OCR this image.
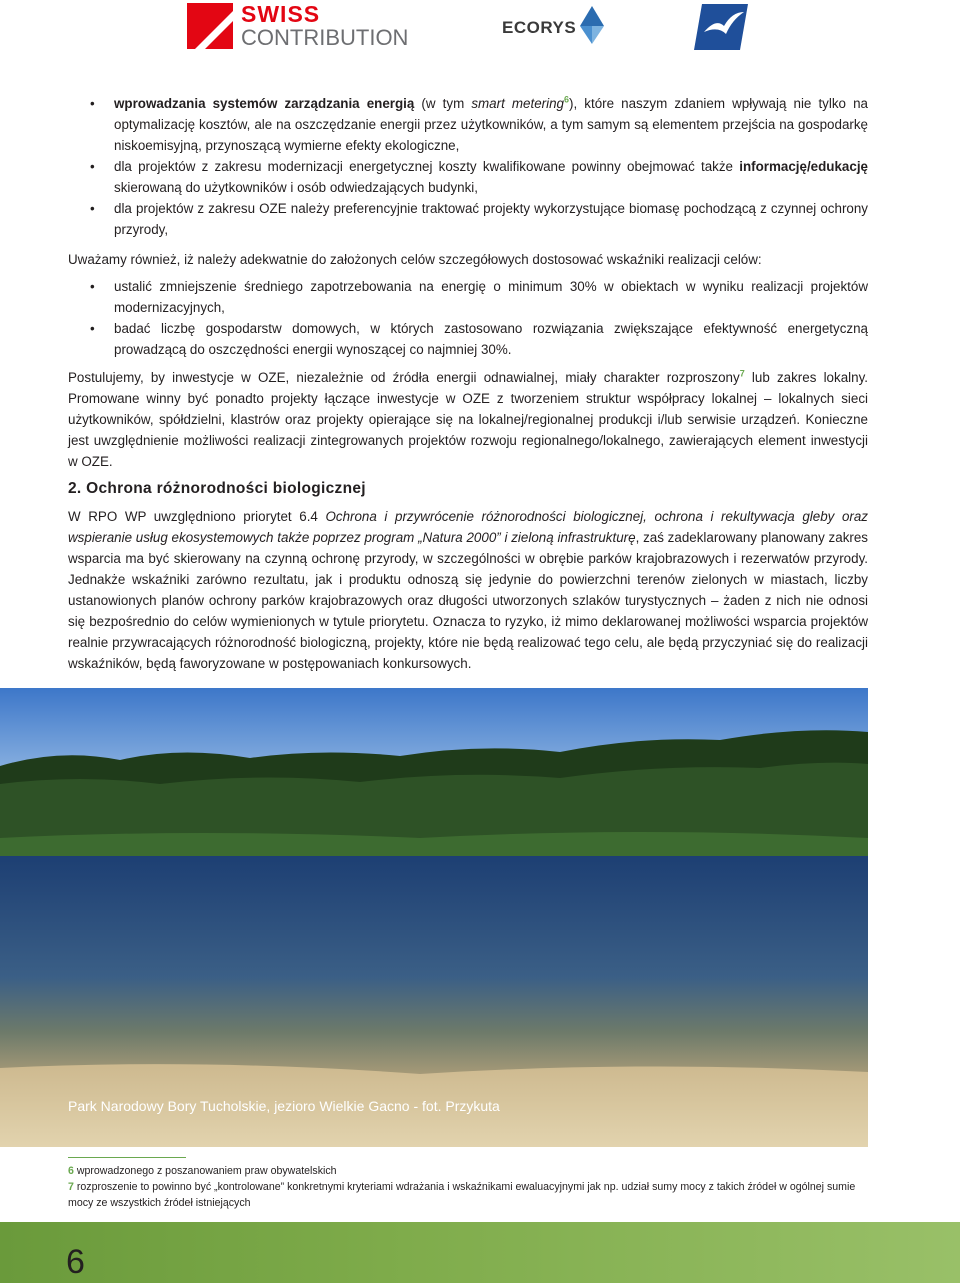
SWISS
CONTRIBUTION	ECORYS
• wprowadzania systemów zarządzania energią (w tym smart metering$^6$), które naszym zdaniem wpływają nie tylko na optymalizację kosztów, ale na oszczędzanie energii przez użytkowników, a tym samym są elementem przejścia na gospodarkę niskoemisyjną, przynoszącą wymierne efekty ekologiczne,
• dla projektów z zakresu modernizacji energetycznej koszty kwalifikowane powinny obejmować także informację/edukację skierowaną do użytkowników i osób odwiedzających budynki,
• dla projektów z zakresu OZE należy preferencyjnie traktować projekty wykorzystujące biomasę pochodzącą z czynnej ochrony przyrody,

Uważamy również, iż należy adekwatnie do założonych celów szczegółowych dostosować wskaźniki realizacji celów:

• ustalić zmniejszenie średniego zapotrzebowania na energię o minimum 30% w obiektach w wyniku realizacji projektów modernizacyjnych,
• badać liczbę gospodarstw domowych, w których zastosowano rozwiązania zwiększające efektywność energetyczną prowadzącą do oszczędności energii wynoszącej co najmniej 30%.

Postulujemy, by inwestycje w OZE, niezależnie od źródła energii odnawialnej, miały charakter rozproszony$^7$ lub zakres lokalny. Promowane winny być ponadto projekty łączące inwestycje w OZE z tworzeniem struktur współpracy lokalnej – lokalnych sieci użytkowników, spółdzielni, klastrów oraz projekty opierające się na lokalnej/regionalnej produkcji i/lub serwisie urządzeń. Konieczne jest uwzględnienie możliwości realizacji zintegrowanych projektów rozwoju regionalnego/lokalnego, zawierających element inwestycji w OZE.

2. Ochrona różnorodności biologicznej

W RPO WP uwzględniono priorytet 6.4 Ochrona i przywrócenie różnorodności biologicznej, ochrona i rekultywacja gleby oraz wspieranie usług ekosystemowych także poprzez program „Natura 2000” i zieloną infrastrukturę, zaś zadeklarowany planowany zakres wsparcia ma być skierowany na czynną ochronę przyrody, w szczególności w obrębie parków krajobrazowych i rezerwatów przyrody. Jednakże wskaźniki zarówno rezultatu, jak i produktu odnoszą się jedynie do powierzchni terenów zielonych w miastach, liczby ustanowionych planów ochrony parków krajobrazowych oraz długości utworzonych szlaków turystycznych – żaden z nich nie odnosi się bezpośrednio do celów wymienionych w tytule priorytetu. Oznacza to ryzyko, iż mimo deklarowanej możliwości wsparcia projektów realnie przywracających różnorodność biologiczną, projekty, które nie będą realizować tego celu, ale będą przyczyniać się do realizacji wskaźników, będą faworyzowane w postępowaniach konkursowych.

Park Narodowy Bory Tucholskie, jezioro Wielkie Gacno - fot. Przykuta
6 wprowadzonego z poszanowaniem praw obywatelskich
7 rozproszenie to powinno być „kontrolowane” konkretnymi kryteriami wdrażania i wskaźnikami ewaluacyjnymi jak np. udział sumy mocy z takich źródeł w ogólnej sumie mocy ze wszystkich źródeł istniejących
6
